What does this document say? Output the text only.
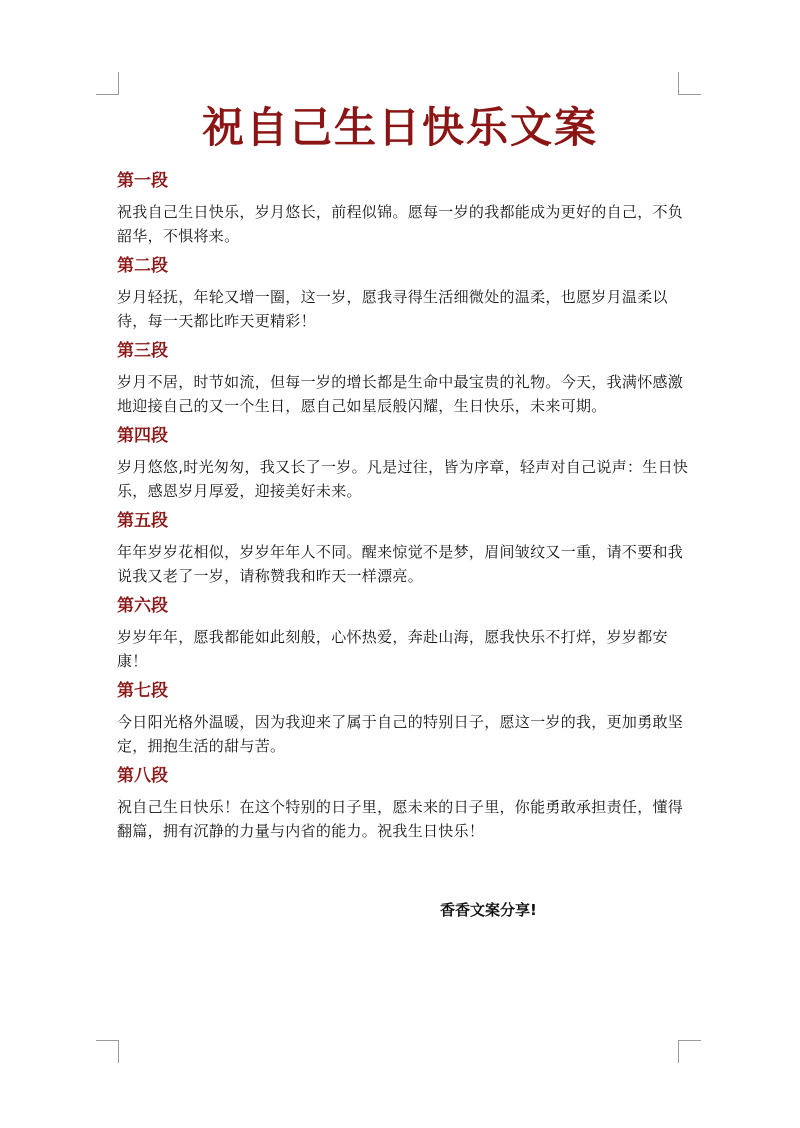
祝自己生日快乐文案
第一段

祝我自己生日快乐，岁月悠长，前程似锦。愿每一岁的我都能成为更好的自己，不负韶华，不惧将来。

第二段

岁月轻抚，年轮又增一圈，这一岁，愿我寻得生活细微处的温柔，也愿岁月温柔以待，每一天都比昨天更精彩！

第三段

岁月不居，时节如流，但每一岁的增长都是生命中最宝贵的礼物。今天，我满怀感激地迎接自己的又一个生日，愿自己如星辰般闪耀，生日快乐，未来可期。

第四段

岁月悠悠,时光匆匆，我又长了一岁。凡是过往，皆为序章，轻声对自己说声：生日快乐，感恩岁月厚爱，迎接美好未来。

第五段

年年岁岁花相似，岁岁年年人不同。醒来惊觉不是梦，眉间皱纹又一重，请不要和我说我又老了一岁，请称赞我和昨天一样漂亮。

第六段

岁岁年年，愿我都能如此刻般，心怀热爱，奔赴山海，愿我快乐不打烊，岁岁都安康！

第七段

今日阳光格外温暖，因为我迎来了属于自己的特别日子，愿这一岁的我，更加勇敢坚定，拥抱生活的甜与苦。

第八段

祝自己生日快乐！在这个特别的日子里，愿未来的日子里，你能勇敢承担责任，懂得翻篇，拥有沉静的力量与内省的能力。祝我生日快乐！

香香文案分享!
